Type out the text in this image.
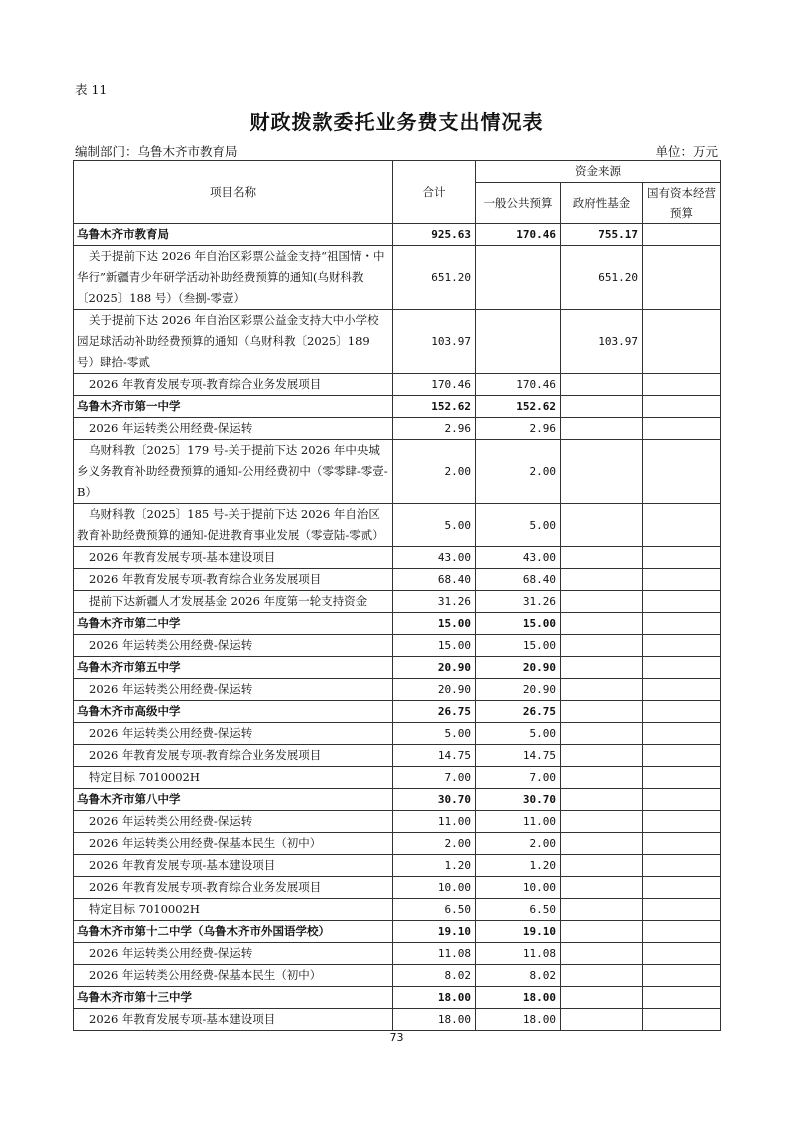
表 11
财政拨款委托业务费支出情况表
编制部门：乌鲁木齐市教育局	单位：万元
项目名称	合计	资金来源		
		一般公共预算	政府性基金	国有资本经营预算
乌鲁木齐市教育局	925.63	170.46	755.17	
关于提前下达 2026 年自治区彩票公益金支持“祖国情・中华行”新疆青少年研学活动补助经费预算的通知(乌财科教〔2025〕188 号）（叁捌-零壹）	651.20		651.20	
关于提前下达 2026 年自治区彩票公益金支持大中小学校园足球活动补助经费预算的通知（乌财科教〔2025〕189 号）肆拾-零贰	103.97		103.97	
2026 年教育发展专项-教育综合业务发展项目	170.46	170.46		
乌鲁木齐市第一中学	152.62	152.62		
2026 年运转类公用经费-保运转	2.96	2.96		
乌财科教〔2025〕179 号-关于提前下达 2026 年中央城乡义务教育补助经费预算的通知-公用经费初中（零零肆-零壹-B）	2.00	2.00		
乌财科教〔2025〕185 号-关于提前下达 2026 年自治区教育补助经费预算的通知-促进教育事业发展（零壹陆-零贰）	5.00	5.00		
2026 年教育发展专项-基本建设项目	43.00	43.00		
2026 年教育发展专项-教育综合业务发展项目	68.40	68.40		
提前下达新疆人才发展基金 2026 年度第一轮支持资金	31.26	31.26		
乌鲁木齐市第二中学	15.00	15.00		
2026 年运转类公用经费-保运转	15.00	15.00		
乌鲁木齐市第五中学	20.90	20.90		
2026 年运转类公用经费-保运转	20.90	20.90		
乌鲁木齐市高级中学	26.75	26.75		
2026 年运转类公用经费-保运转	5.00	5.00		
2026 年教育发展专项-教育综合业务发展项目	14.75	14.75		
特定目标 7010002H	7.00	7.00		
乌鲁木齐市第八中学	30.70	30.70		
2026 年运转类公用经费-保运转	11.00	11.00		
2026 年运转类公用经费-保基本民生（初中）	2.00	2.00		
2026 年教育发展专项-基本建设项目	1.20	1.20		
2026 年教育发展专项-教育综合业务发展项目	10.00	10.00		
特定目标 7010002H	6.50	6.50		
乌鲁木齐市第十二中学（乌鲁木齐市外国语学校）	19.10	19.10		
2026 年运转类公用经费-保运转	11.08	11.08		
2026 年运转类公用经费-保基本民生（初中）	8.02	8.02		
乌鲁木齐市第十三中学	18.00	18.00		
2026 年教育发展专项-基本建设项目	18.00	18.00		
73
